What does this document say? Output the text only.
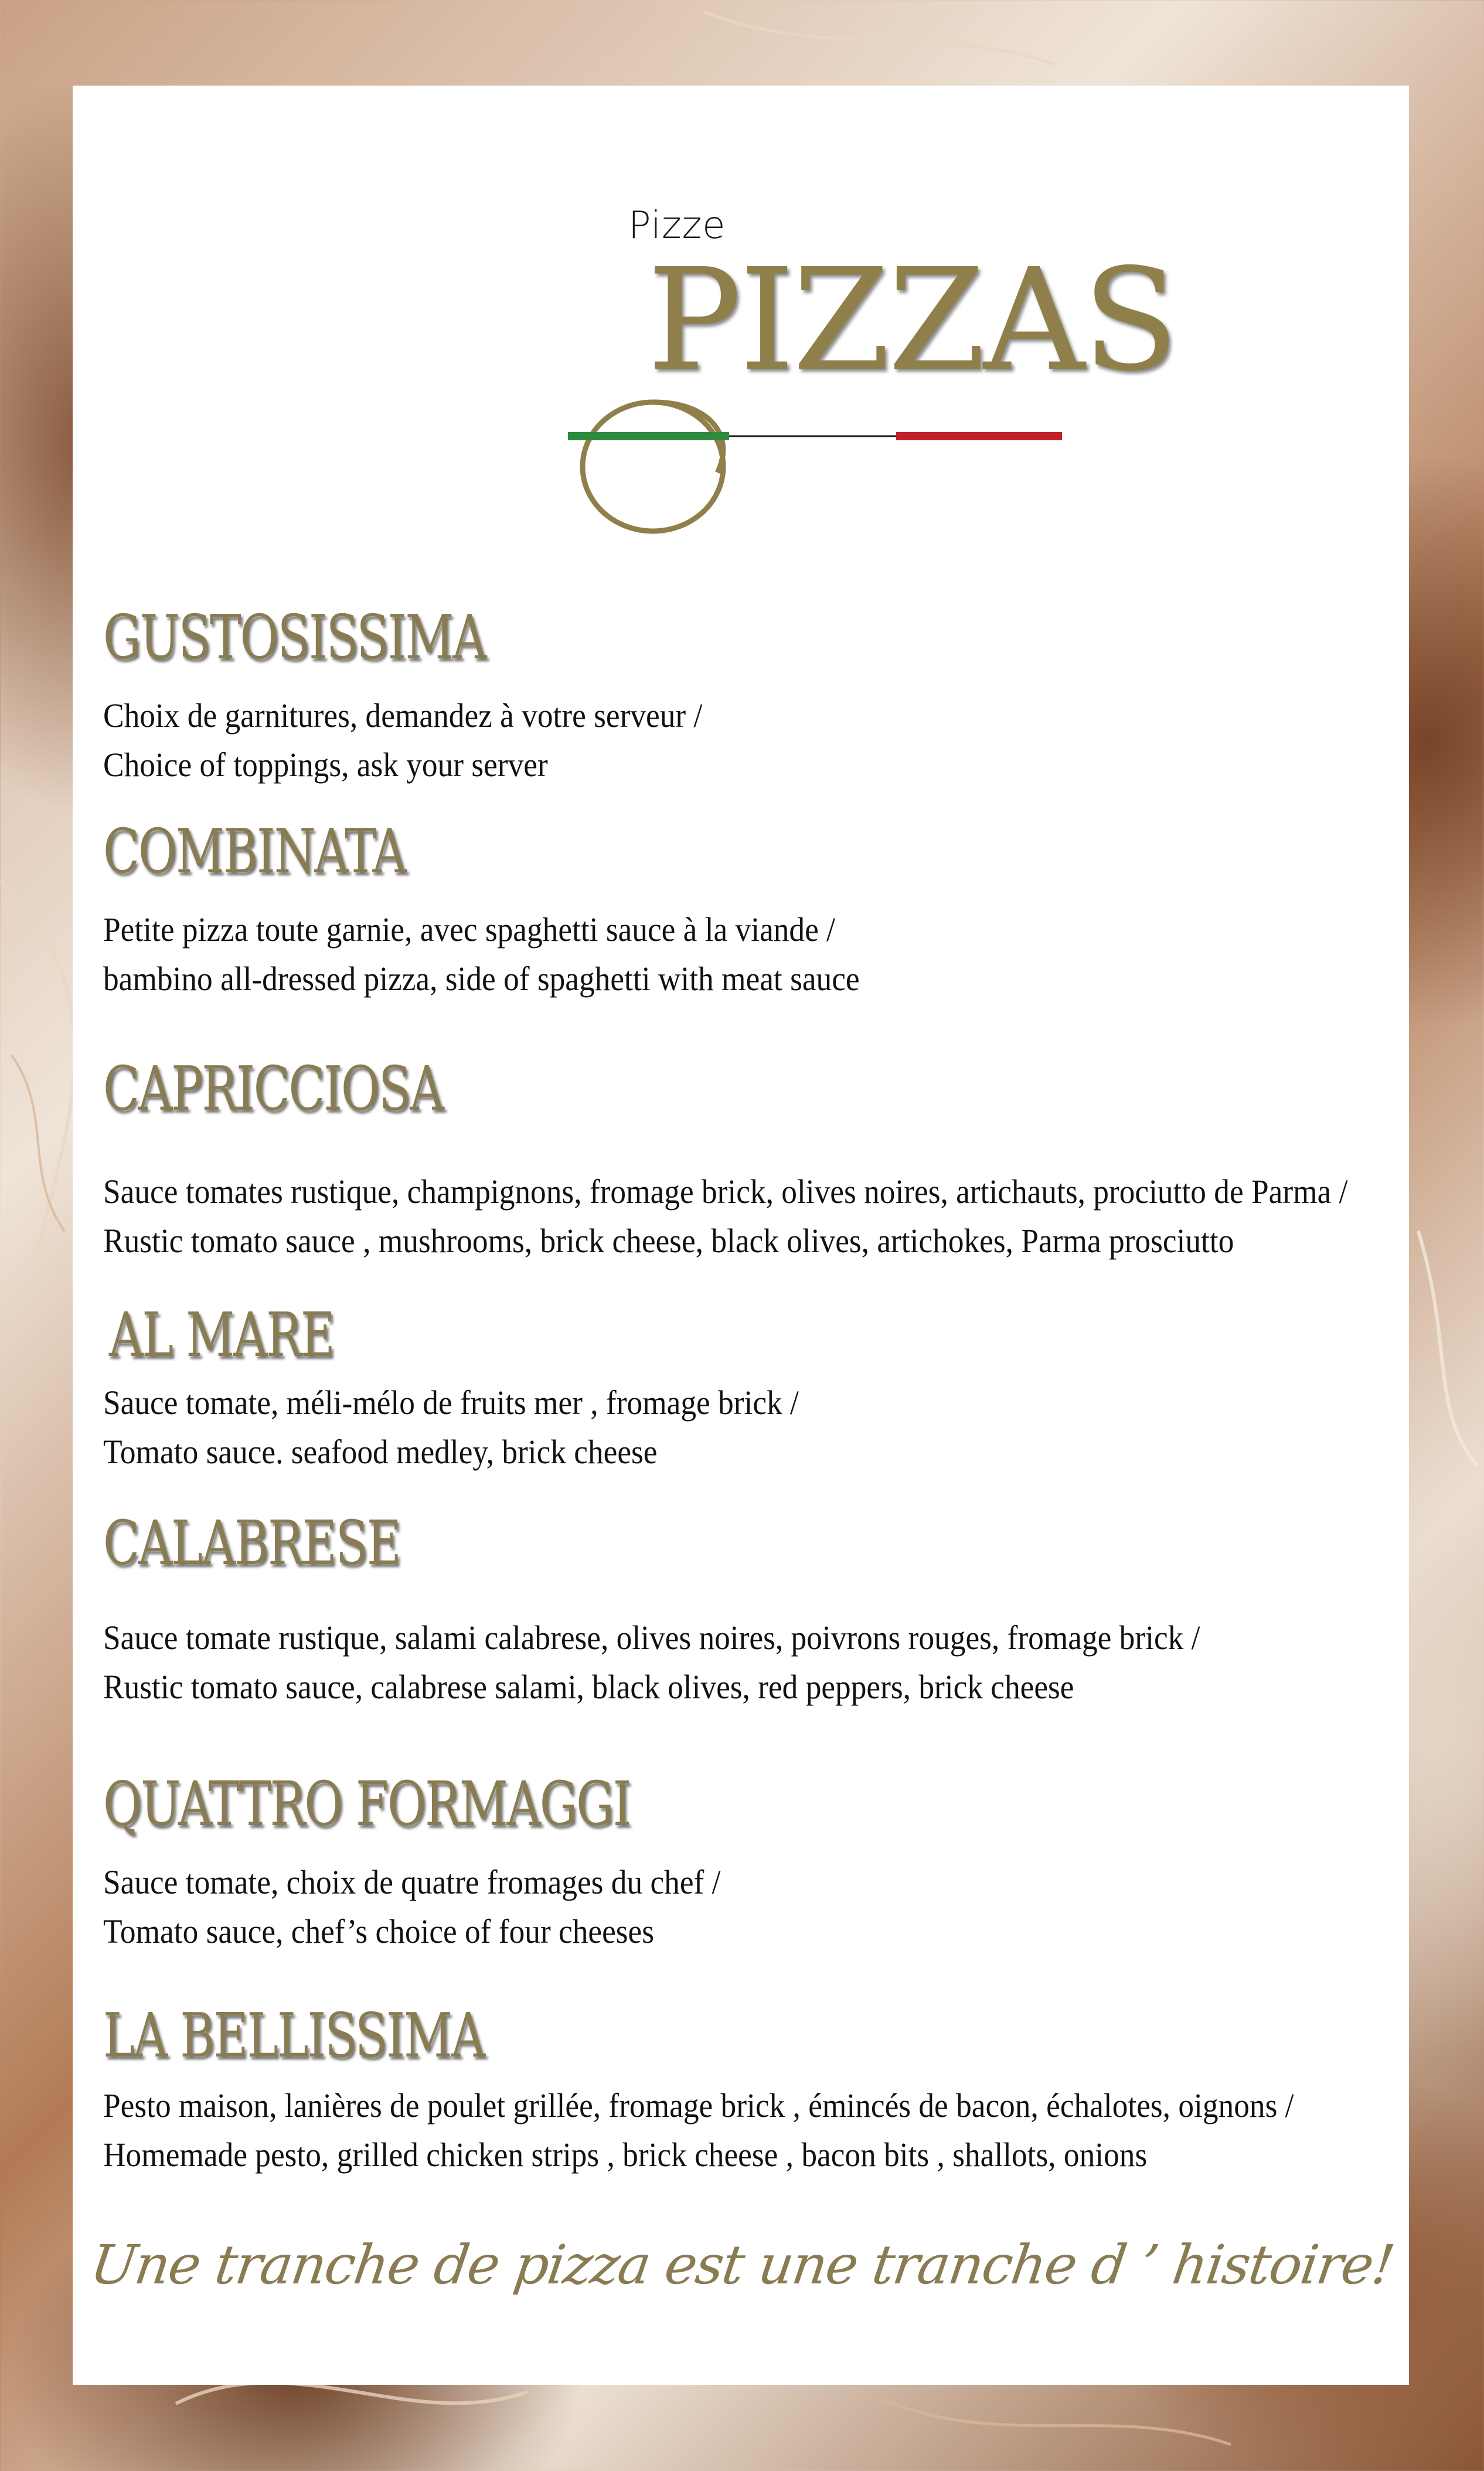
Pizze
PIZZAS
GUSTOSISSIMA
Choix de garnitures, demandez à votre serveur /
Choice of toppings, ask your server
COMBINATA
Petite pizza toute garnie, avec spaghetti sauce à la viande /
bambino all-dressed pizza, side of spaghetti with meat sauce
CAPRICCIOSA
Sauce tomates rustique, champignons, fromage brick, olives noires, artichauts, prociutto de Parma /
Rustic tomato sauce , mushrooms, brick cheese, black olives, artichokes, Parma prosciutto
AL MARE
Sauce tomate, méli-mélo de fruits mer , fromage brick /
Tomato sauce. seafood medley, brick cheese
CALABRESE
Sauce tomate rustique, salami calabrese, olives noires, poivrons rouges, fromage brick /
Rustic tomato sauce, calabrese salami, black olives, red peppers, brick cheese
QUATTRO FORMAGGI
Sauce tomate, choix de quatre fromages du chef /
Tomato sauce, chef’s choice of four cheeses
LA BELLISSIMA
Pesto maison, lanières de poulet grillée, fromage brick , émincés de bacon, échalotes, oignons /
Homemade pesto, grilled chicken strips , brick cheese , bacon bits , shallots, onions
Une tranche de pizza est une tranche d ’ histoire!
